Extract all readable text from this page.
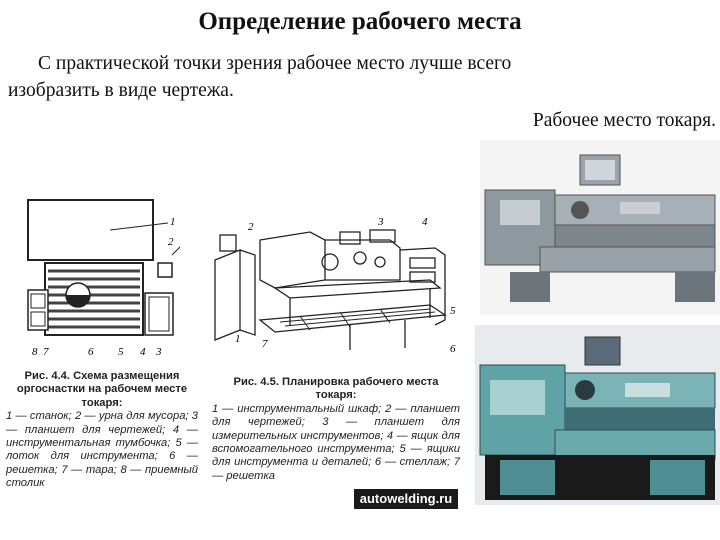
Определение рабочего места
С практической точки зрения рабочее место лучше всего
изобразить в виде чертежа.
Рабочее место токаря.
1
2
8 7	6 5 4 3
2	3	4
5
1 7	6
Рис. 4.4. Схема размещения оргоснастки на рабочем месте токаря:
1 — станок; 2 — урна для мусора; 3 — планшет для чертежей; 4 — инструментальная тумбочка; 5 — лоток для инструмента; 6 — решетка; 7 — тара; 8 — приемный столик
Рис. 4.5. Планировка рабочего места токаря:
1 — инструментальный шкаф; 2 — планшет для чертежей; 3 — планшет для измерительных инструментов; 4 — ящик для вспомогательного инструмента; 5 — ящики для инструмента и деталей; 6 — стеллаж; 7 — решетка
autowelding.ru
